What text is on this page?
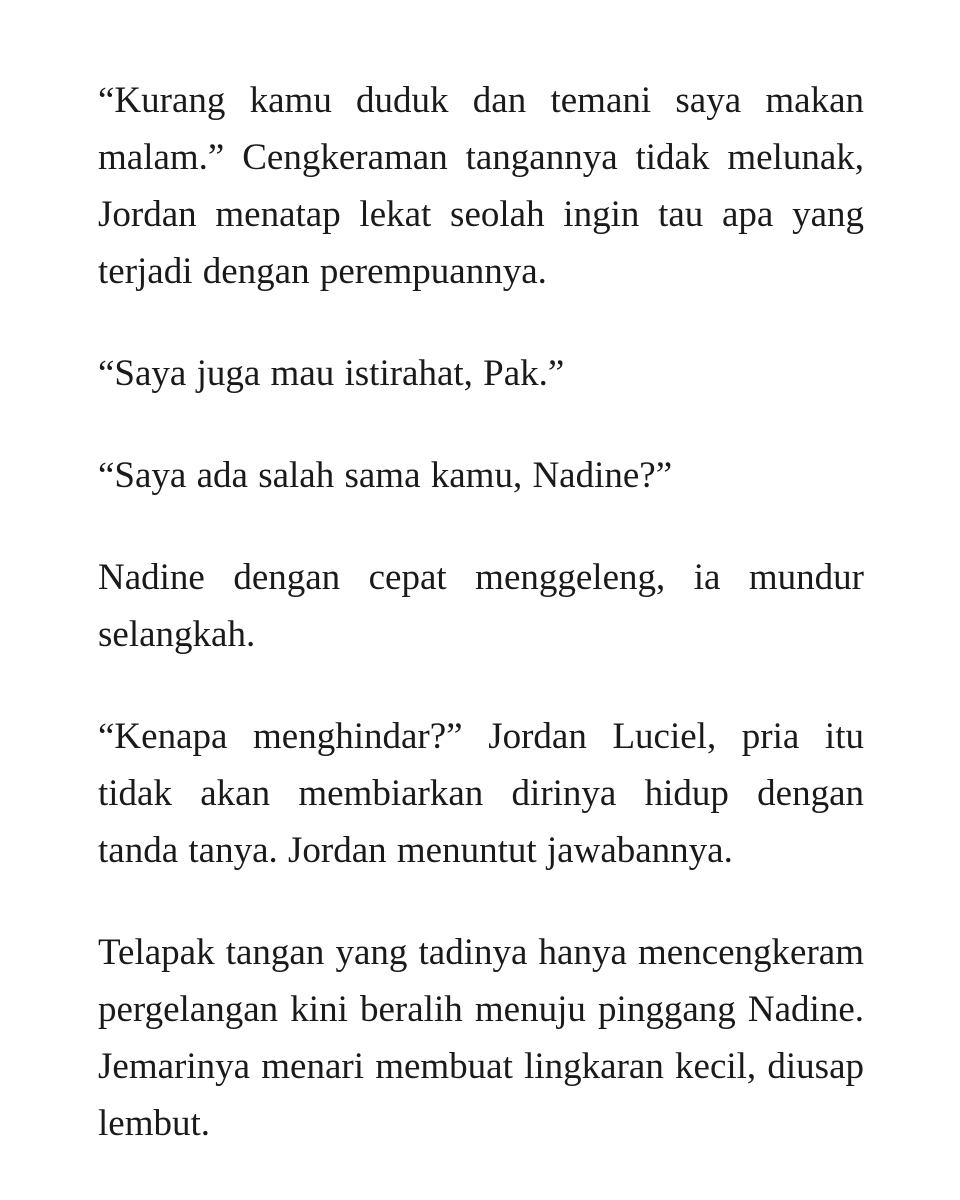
“Kurang kamu duduk dan temani saya makan malam.” Cengkeraman tangannya tidak melunak, Jordan menatap lekat seolah ingin tau apa yang terjadi dengan perempuannya.

“Saya juga mau istirahat, Pak.”

“Saya ada salah sama kamu, Nadine?”

Nadine dengan cepat menggeleng, ia mundur selangkah.

“Kenapa menghindar?” Jordan Luciel, pria itu tidak akan membiarkan dirinya hidup dengan tanda tanya. Jordan menuntut jawabannya.

Telapak tangan yang tadinya hanya mencengkeram pergelangan kini beralih menuju pinggang Nadine. Jemarinya menari membuat lingkaran kecil, diusap lembut.
